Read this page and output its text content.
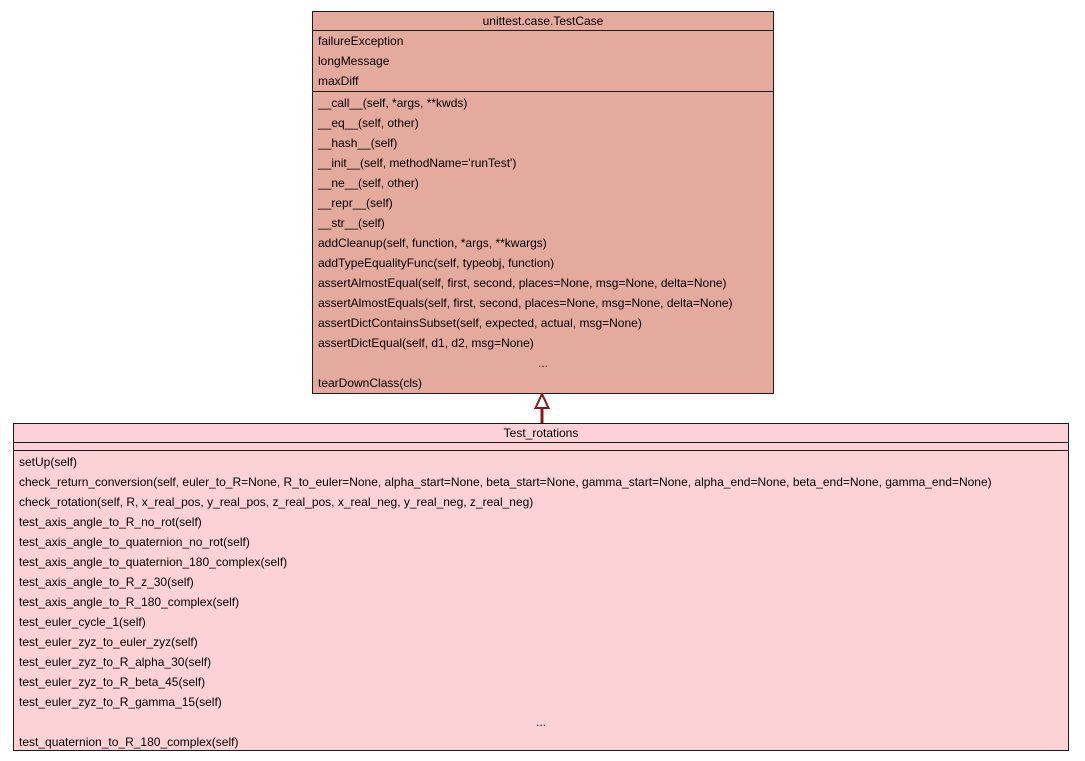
unittest.case.TestCase
failureException
longMessage
maxDiff
__call__(self, *args, **kwds)
__eq__(self, other)
__hash__(self)
__init__(self, methodName='runTest')
__ne__(self, other)
__repr__(self)
__str__(self)
addCleanup(self, function, *args, **kwargs)
addTypeEqualityFunc(self, typeobj, function)
assertAlmostEqual(self, first, second, places=None, msg=None, delta=None)
assertAlmostEquals(self, first, second, places=None, msg=None, delta=None)
assertDictContainsSubset(self, expected, actual, msg=None)
assertDictEqual(self, d1, d2, msg=None)
...
tearDownClass(cls)
Test_rotations
setUp(self)
check_return_conversion(self, euler_to_R=None, R_to_euler=None, alpha_start=None, beta_start=None, gamma_start=None, alpha_end=None, beta_end=None, gamma_end=None)
check_rotation(self, R, x_real_pos, y_real_pos, z_real_pos, x_real_neg, y_real_neg, z_real_neg)
test_axis_angle_to_R_no_rot(self)
test_axis_angle_to_quaternion_no_rot(self)
test_axis_angle_to_quaternion_180_complex(self)
test_axis_angle_to_R_z_30(self)
test_axis_angle_to_R_180_complex(self)
test_euler_cycle_1(self)
test_euler_zyz_to_euler_zyz(self)
test_euler_zyz_to_R_alpha_30(self)
test_euler_zyz_to_R_beta_45(self)
test_euler_zyz_to_R_gamma_15(self)
...
test_quaternion_to_R_180_complex(self)
